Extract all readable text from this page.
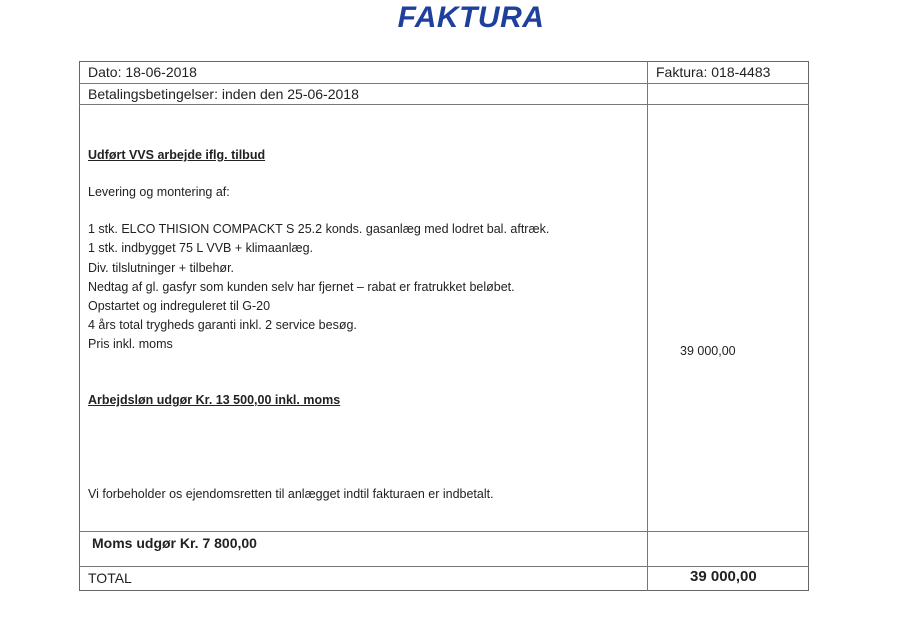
FAKTURA
Dato: 18-06-2018	Faktura: 018-4483
Betalingsbetingelser: inden den 25-06-2018
Udført VVS arbejde iflg. tilbud
Levering og montering af:
1 stk. ELCO THISION COMPACKT S 25.2 konds. gasanlæg med lodret bal. aftræk.
1 stk. indbygget 75 L VVB + klimaanlæg.
Div. tilslutninger + tilbehør.
Nedtag af gl. gasfyr som kunden selv har fjernet – rabat er fratrukket beløbet.
Opstartet og indreguleret til G-20
4 års total trygheds garanti inkl. 2 service besøg.
Pris inkl. moms	39 000,00
Arbejdsløn udgør Kr. 13 500,00 inkl. moms
Vi forbeholder os ejendomsretten til anlægget indtil fakturaen er indbetalt.
Moms udgør Kr. 7 800,00
TOTAL	39 000,00
